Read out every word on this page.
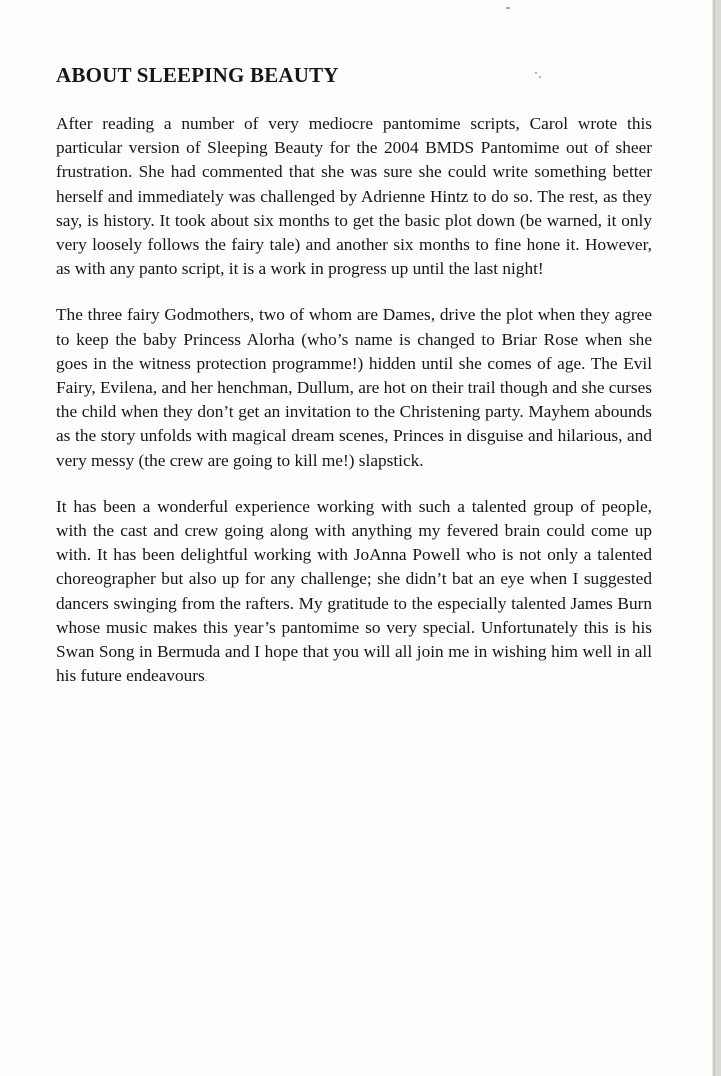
ABOUT SLEEPING BEAUTY

After reading a number of very mediocre pantomime scripts, Carol wrote this particular version of Sleeping Beauty for the 2004 BMDS Pantomime out of sheer frustration. She had commented that she was sure she could write something better herself and immediately was challenged by Adrienne Hintz to do so. The rest, as they say, is history. It took about six months to get the basic plot down (be warned, it only very loosely follows the fairy tale) and another six months to fine hone it. However, as with any panto script, it is a work in progress up until the last night!

The three fairy Godmothers, two of whom are Dames, drive the plot when they agree to keep the baby Princess Alorha (who’s name is changed to Briar Rose when she goes in the witness protection programme!) hidden until she comes of age. The Evil Fairy, Evilena, and her henchman, Dullum, are hot on their trail though and she curses the child when they don’t get an invitation to the Christening party. Mayhem abounds as the story unfolds with magical dream scenes, Princes in disguise and hilarious, and very messy (the crew are going to kill me!) slapstick.

It has been a wonderful experience working with such a talented group of people, with the cast and crew going along with anything my fevered brain could come up with. It has been delightful working with JoAnna Powell who is not only a talented choreographer but also up for any challenge; she didn’t bat an eye when I suggested dancers swinging from the rafters. My gratitude to the especially talented James Burn whose music makes this year’s pantomime so very special. Unfortunately this is his Swan Song in Bermuda and I hope that you will all join me in wishing him well in all his future endeavours.
